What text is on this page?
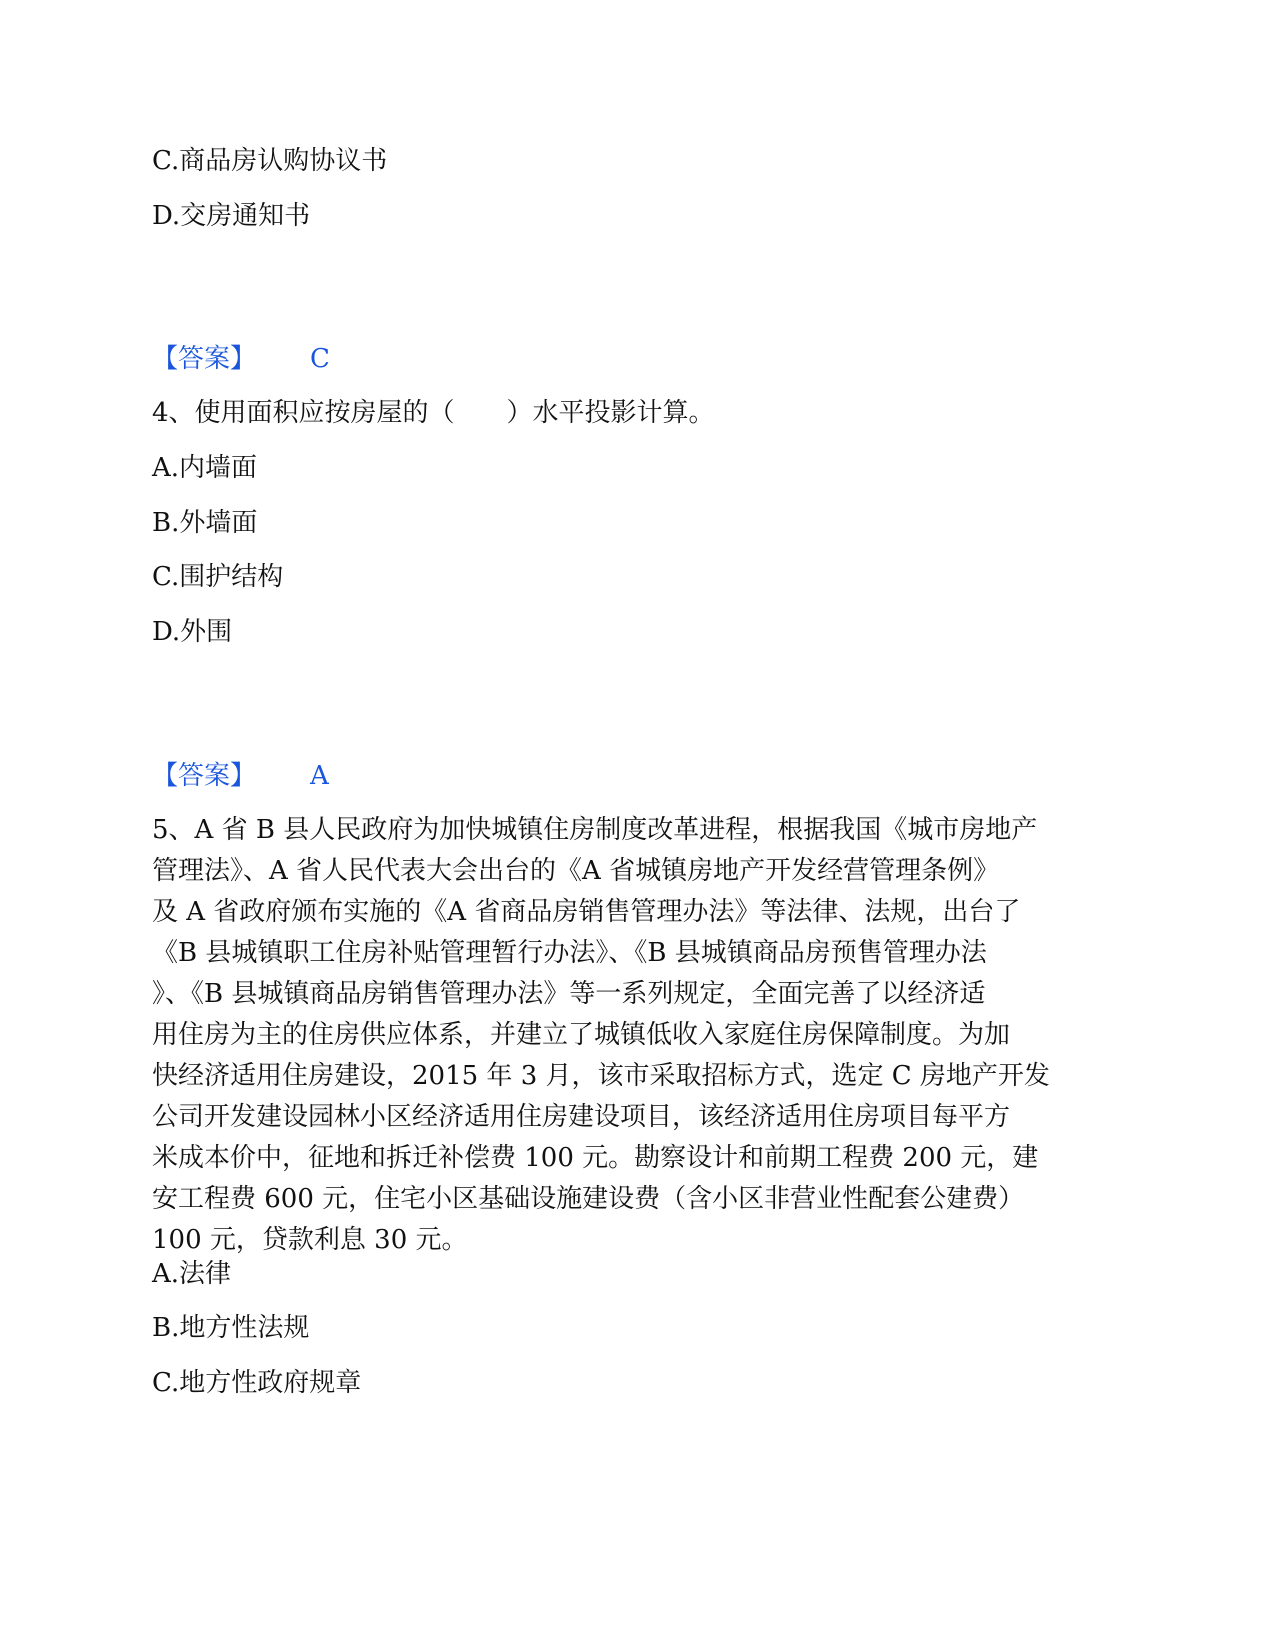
C.商品房认购协议书
D.交房通知书
【答案】 C
4、使用面积应按房屋的（　　）水平投影计算。
A.内墙面
B.外墙面
C.围护结构
D.外围
【答案】 A
5、A 省 B 县人民政府为加快城镇住房制度改革进程，根据我国《城市房地产
管理法》、A 省人民代表大会出台的《A 省城镇房地产开发经营管理条例》
及 A 省政府颁布实施的《A 省商品房销售管理办法》等法律、法规，出台了
《B 县城镇职工住房补贴管理暂行办法》、《B 县城镇商品房预售管理办法
》、《B 县城镇商品房销售管理办法》等一系列规定，全面完善了以经济适
用住房为主的住房供应体系，并建立了城镇低收入家庭住房保障制度。为加
快经济适用住房建设，2015 年 3 月，该市采取招标方式，选定 C 房地产开发
公司开发建设园林小区经济适用住房建设项目，该经济适用住房项目每平方
米成本价中，征地和拆迁补偿费 100 元。勘察设计和前期工程费 200 元，建
安工程费 600 元，住宅小区基础设施建设费（含小区非营业性配套公建费）
100 元，贷款利息 30 元。
A.法律
B.地方性法规
C.地方性政府规章
